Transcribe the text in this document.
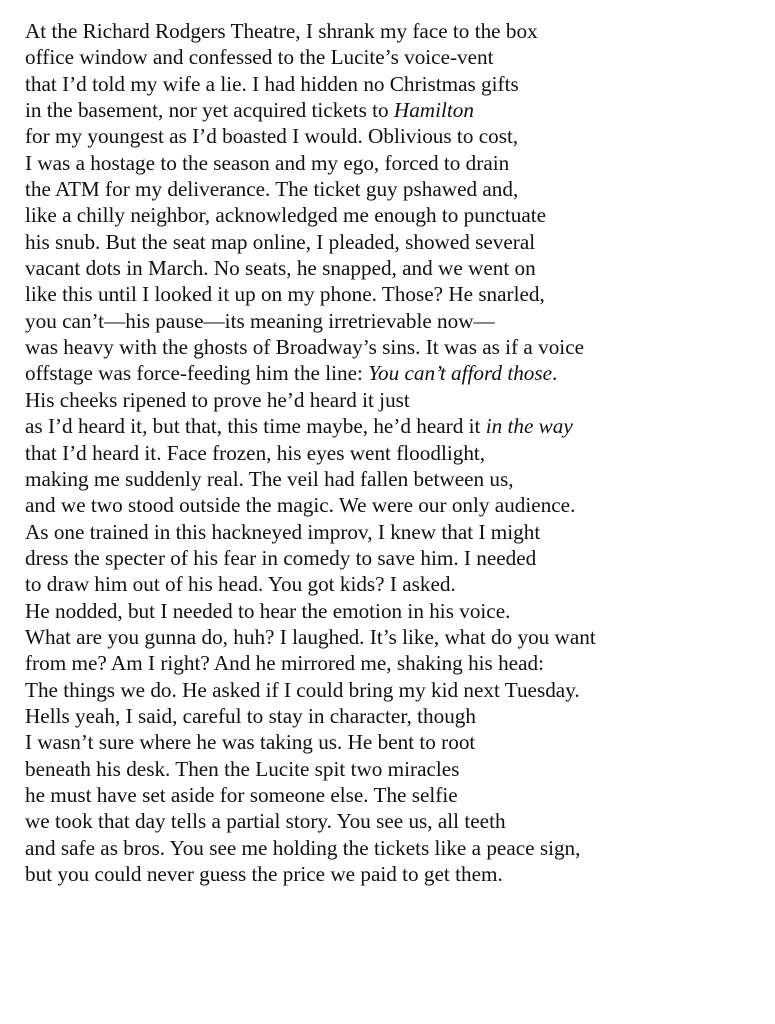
At the Richard Rodgers Theatre, I shrank my face to the box
office window and confessed to the Lucite’s voice-vent
that I’d told my wife a lie. I had hidden no Christmas gifts
in the basement, nor yet acquired tickets to Hamilton
for my youngest as I’d boasted I would. Oblivious to cost,
I was a hostage to the season and my ego, forced to drain
the ATM for my deliverance. The ticket guy pshawed and,
like a chilly neighbor, acknowledged me enough to punctuate
his snub. But the seat map online, I pleaded, showed several
vacant dots in March. No seats, he snapped, and we went on
like this until I looked it up on my phone. Those? He snarled,
you can’t—his pause—its meaning irretrievable now—
was heavy with the ghosts of Broadway’s sins. It was as if a voice
offstage was force-feeding him the line: You can’t afford those.
His cheeks ripened to prove he’d heard it just
as I’d heard it, but that, this time maybe, he’d heard it in the way
that I’d heard it. Face frozen, his eyes went floodlight,
making me suddenly real. The veil had fallen between us,
and we two stood outside the magic. We were our only audience.
As one trained in this hackneyed improv, I knew that I might
dress the specter of his fear in comedy to save him. I needed
to draw him out of his head. You got kids? I asked.
He nodded, but I needed to hear the emotion in his voice.
What are you gunna do, huh? I laughed. It’s like, what do you want
from me? Am I right? And he mirrored me, shaking his head:
The things we do. He asked if I could bring my kid next Tuesday.
Hells yeah, I said, careful to stay in character, though
I wasn’t sure where he was taking us. He bent to root
beneath his desk. Then the Lucite spit two miracles
he must have set aside for someone else. The selfie
we took that day tells a partial story. You see us, all teeth
and safe as bros. You see me holding the tickets like a peace sign,
but you could never guess the price we paid to get them.
